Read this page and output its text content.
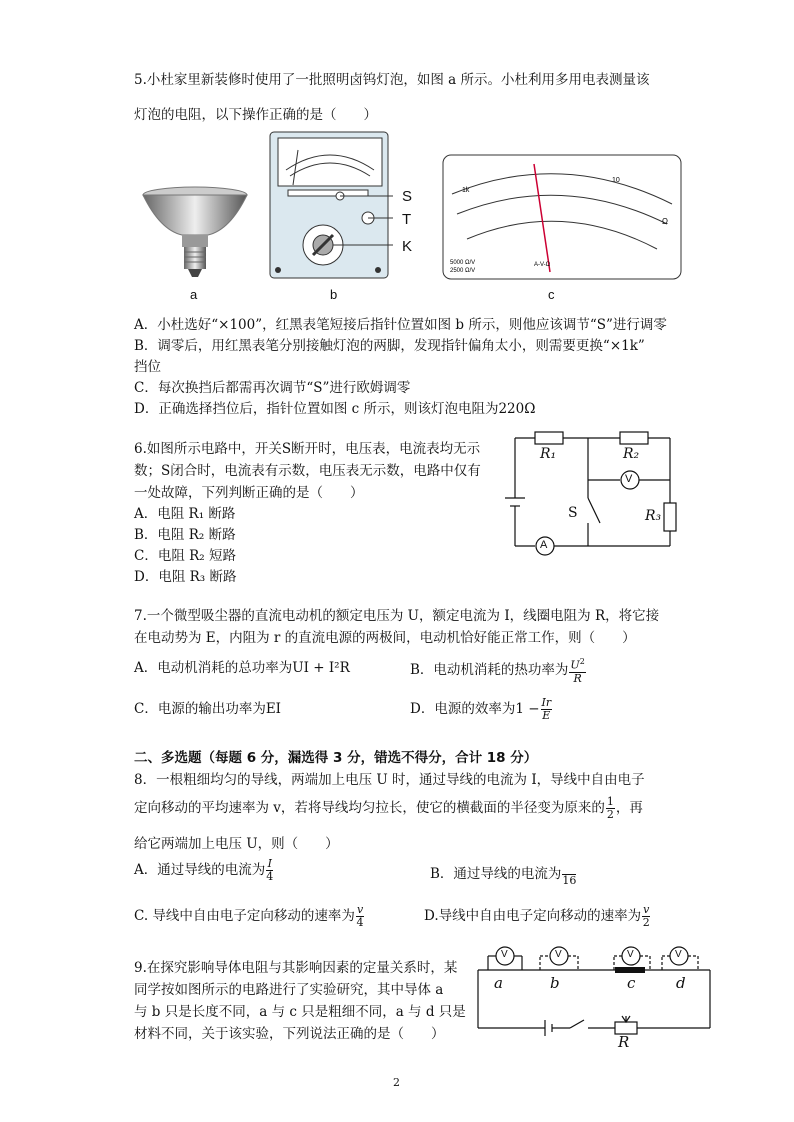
5.小杜家里新装修时使用了一批照明卤钨灯泡，如图 a 所示。小杜利用多用电表测量该
灯泡的电阻，以下操作正确的是（　　）
a
S
T
K
b
1k
10
5000 Ω/V
2500 Ω/V
A-V-Ω
Ω
c
A．小杜选好“×100”，红黑表笔短接后指针位置如图 b 所示，则他应该调节“S”进行调零
B．调零后，用红黑表笔分别接触灯泡的两脚，发现指针偏角太小，则需要更换“×1k”
挡位
C．每次换挡后都需再次调节“S”进行欧姆调零
D．正确选择挡位后，指针位置如图 c 所示，则该灯泡电阻为220Ω
6.如图所示电路中，开关S断开时，电压表，电流表均无示
数；S闭合时，电流表有示数，电压表无示数，电路中仅有
一处故障，下列判断正确的是（　　）
A．电阻 R₁ 断路
B．电阻 R₂ 断路
C．电阻 R₂ 短路
D．电阻 R₃ 断路
R₁	R₂
R₃
S
V
A
7.一个微型吸尘器的直流电动机的额定电压为 U，额定电流为 I，线圈电阻为 R，将它接
在电动势为 E，内阻为 r 的直流电源的两极间，电动机恰好能正常工作，则（　　）
A．电动机消耗的总功率为UI + I²R	B．电动机消耗的热功率为 $\frac{U^2}{R}$
C．电源的输出功率为EI	D．电源的效率为$1 - \frac{Ir}{E}$
二、多选题（每题 6 分，漏选得 3 分，错选不得分，合计 18 分）
8．一根粗细均匀的导线，两端加上电压 U 时，通过导线的电流为 I，导线中自由电子
定向移动的平均速率为 v，若将导线均匀拉长，使它的横截面的半径变为原来的 $\frac{1}{2}$ ，再
给它两端加上电压 U，则（　　）
A．通过导线的电流为 $\frac{I}{4}$	B．通过导线的电流为
16
C. 导线中自由电子定向移动的速率为 $\frac{v}{4}$	D.导线中自由电子定向移动的速率为 $\frac{v}{2}$
9.在探究影响导体电阻与其影响因素的定量关系时，某
同学按如图所示的电路进行了实验研究，其中导体 a
与 b 只是长度不同，a 与 c 只是粗细不同，a 与 d 只是
材料不同，关于该实验，下列说法正确的是（　　）
V	V	V	V
a	b	c	d
R
2
